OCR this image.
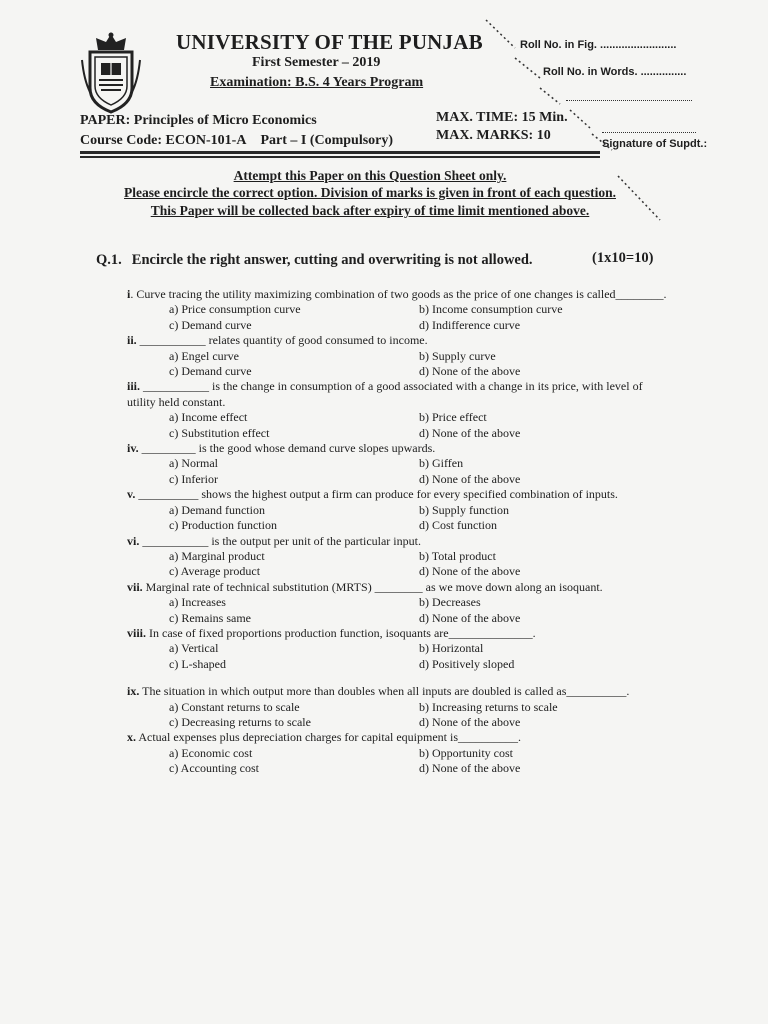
UNIVERSITY OF THE PUNJAB
First Semester – 2019
Examination: B.S. 4 Years Program
PAPER: Principles of Micro Economics
Course Code: ECON-101-A Part – I (Compulsory)
MAX. TIME: 15 Min.
MAX. MARKS: 10
Roll No. in Fig. .........................
Roll No. in Words. ...............
Signature of Supdt.:
Attempt this Paper on this Question Sheet only.
Please encircle the correct option. Division of marks is given in front of each question.
This Paper will be collected back after expiry of time limit mentioned above.
Q.1. Encircle the right answer, cutting and overwriting is not allowed.	(1x10=10)
i. Curve tracing the utility maximizing combination of two goods as the price of one changes is called________.
a) Price consumption curve	b) Income consumption curve
c) Demand curve	d) Indifference curve
ii. ___________ relates quantity of good consumed to income.
a) Engel curve	b) Supply curve
c) Demand curve	d) None of the above
iii. ___________ is the change in consumption of a good associated with a change in its price, with level of utility held constant.
a) Income effect	b) Price effect
c) Substitution effect	d) None of the above
iv. _________ is the good whose demand curve slopes upwards.
a) Normal	b) Giffen
c) Inferior	d) None of the above
v. __________ shows the highest output a firm can produce for every specified combination of inputs.
a) Demand function	b) Supply function
c) Production function	d) Cost function
vi. ___________ is the output per unit of the particular input.
a) Marginal product	b) Total product
c) Average product	d) None of the above
vii. Marginal rate of technical substitution (MRTS) ________ as we move down along an isoquant.
a) Increases	b) Decreases
c) Remains same	d) None of the above
viii. In case of fixed proportions production function, isoquants are______________.
a) Vertical	b) Horizontal
c) L-shaped	d) Positively sloped
ix. The situation in which output more than doubles when all inputs are doubled is called as__________.
a) Constant returns to scale	b) Increasing returns to scale
c) Decreasing returns to scale	d) None of the above
x. Actual expenses plus depreciation charges for capital equipment is__________.
a) Economic cost	b) Opportunity cost
c) Accounting cost	d) None of the above
